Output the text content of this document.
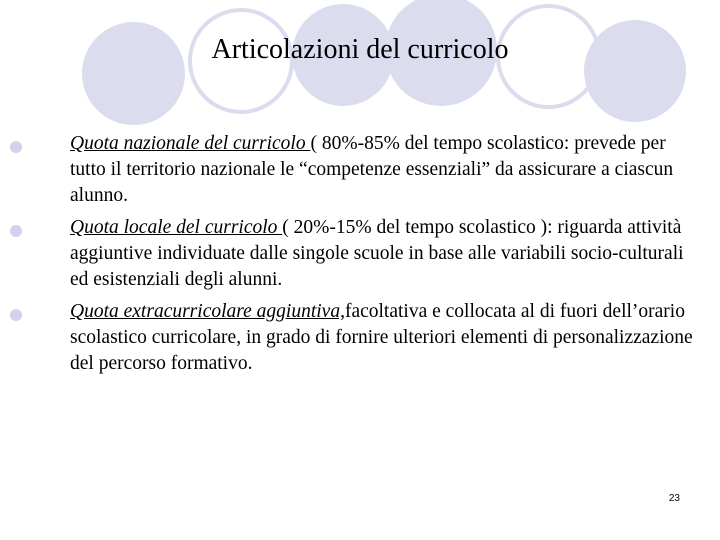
Articolazioni del curricolo
Quota nazionale del curricolo ( 80%-85% del tempo scolastico: prevede per tutto il territorio nazionale le “competenze essenziali” da assicurare a ciascun alunno.
Quota locale del curricolo ( 20%-15% del tempo scolastico ): riguarda attività aggiuntive individuate dalle singole scuole in base alle variabili socio-culturali ed esistenziali degli alunni.
Quota extracurricolare aggiuntiva,facoltativa e collocata al di fuori dell’orario scolastico curricolare, in grado di fornire ulteriori elementi di personalizzazione del percorso formativo.
23
